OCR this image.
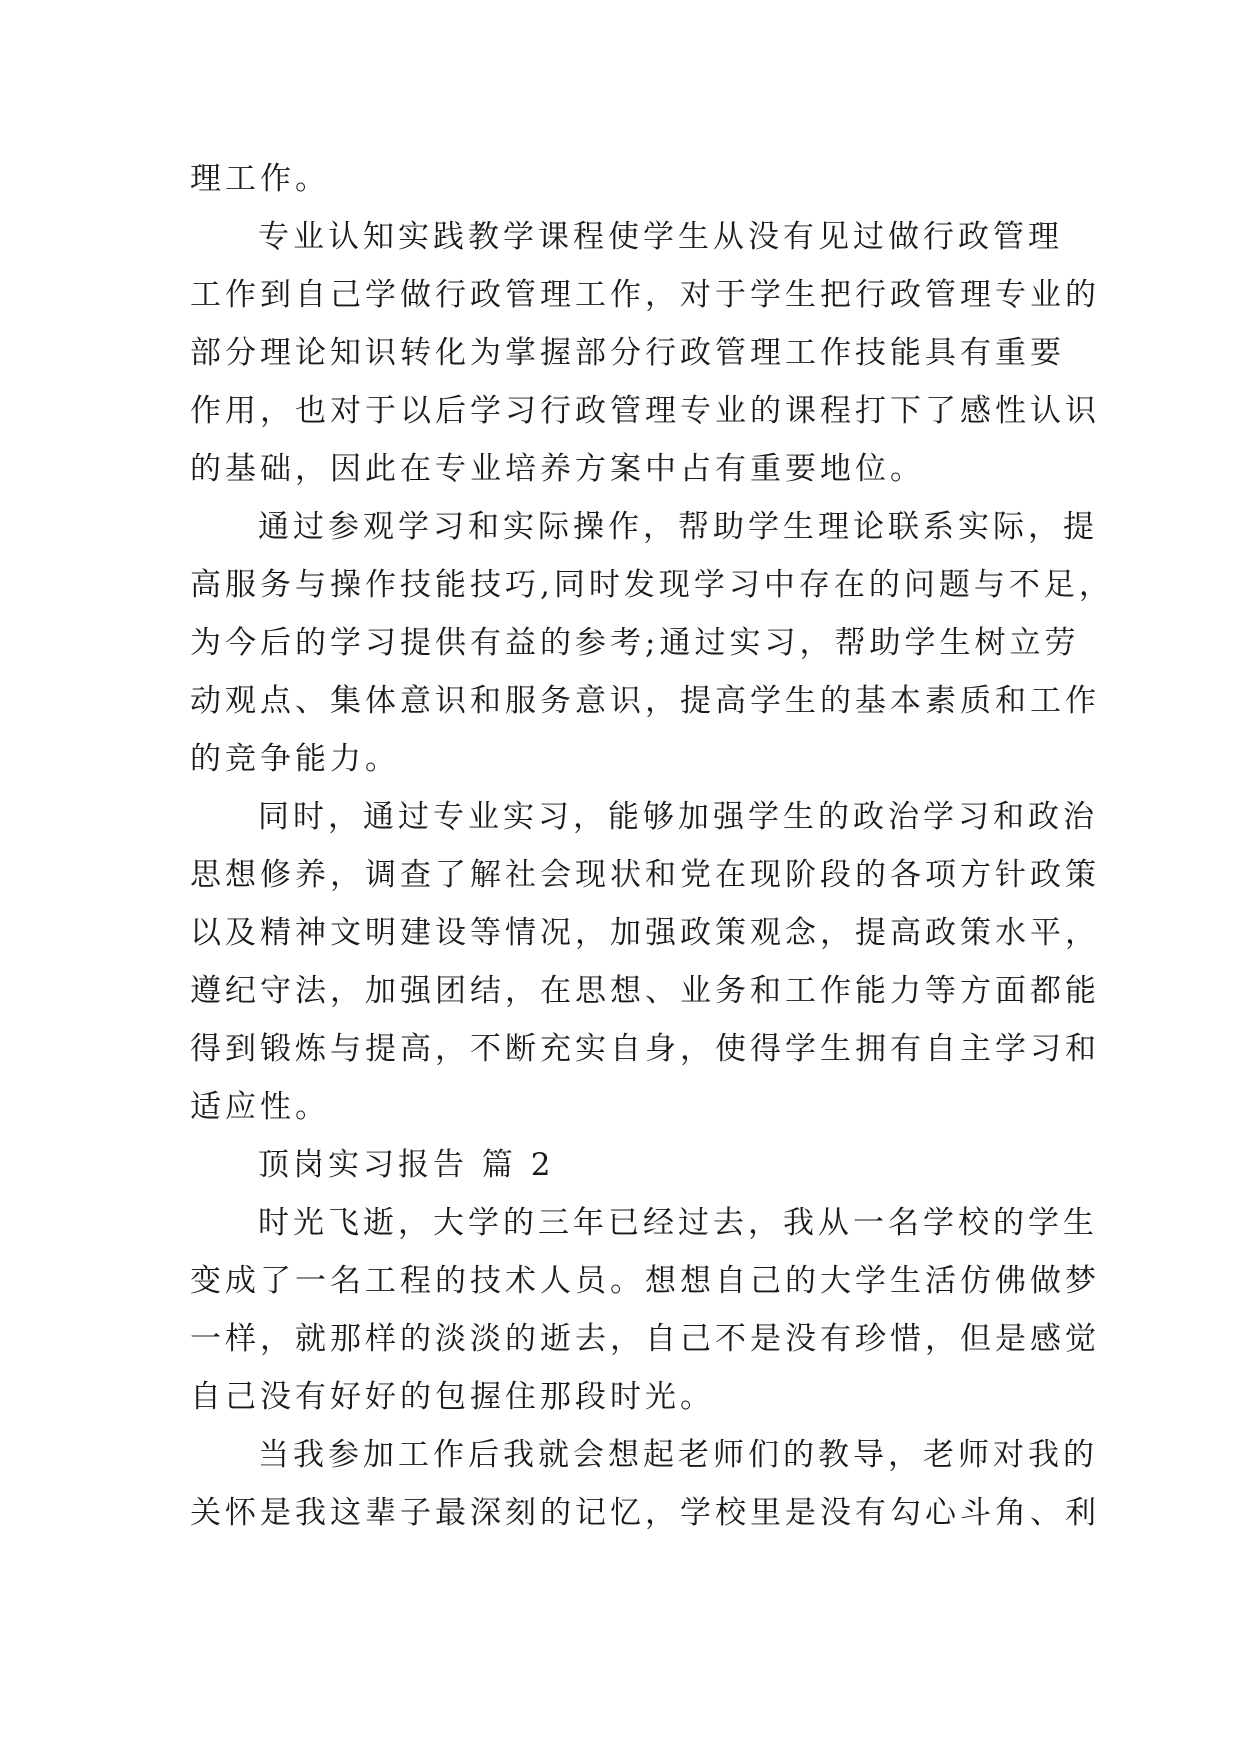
理工作。
专业认知实践教学课程使学生从没有见过做行政管理
工作到自己学做行政管理工作，对于学生把行政管理专业的
部分理论知识转化为掌握部分行政管理工作技能具有重要
作用，也对于以后学习行政管理专业的课程打下了感性认识
的基础，因此在专业培养方案中占有重要地位。
通过参观学习和实际操作，帮助学生理论联系实际，提
高服务与操作技能技巧,同时发现学习中存在的问题与不足，
为今后的学习提供有益的参考;通过实习，帮助学生树立劳
动观点、集体意识和服务意识，提高学生的基本素质和工作
的竞争能力。
同时，通过专业实习，能够加强学生的政治学习和政治
思想修养，调查了解社会现状和党在现阶段的各项方针政策
以及精神文明建设等情况，加强政策观念，提高政策水平，
遵纪守法，加强团结，在思想、业务和工作能力等方面都能
得到锻炼与提高，不断充实自身，使得学生拥有自主学习和
适应性。
顶岗实习报告 篇 2
时光飞逝，大学的三年已经过去，我从一名学校的学生
变成了一名工程的技术人员。想想自己的大学生活仿佛做梦
一样，就那样的淡淡的逝去，自己不是没有珍惜，但是感觉
自己没有好好的包握住那段时光。
当我参加工作后我就会想起老师们的教导，老师对我的
关怀是我这辈子最深刻的记忆，学校里是没有勾心斗角、利
